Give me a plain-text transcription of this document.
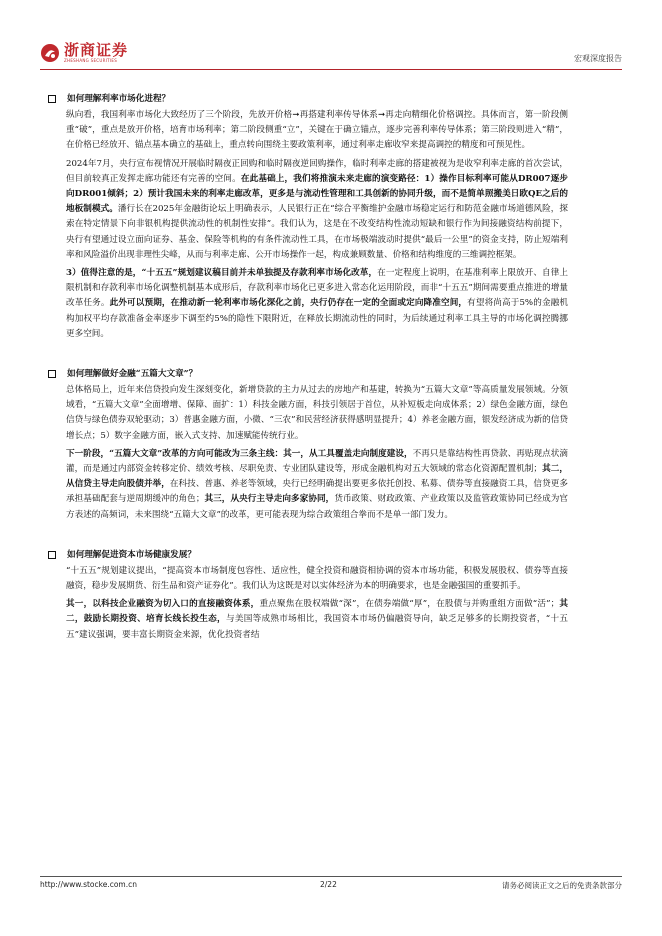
浙商证券
ZHESHANG SECURITIES	宏观深度报告
如何理解利率市场化进程？

纵向看，我国利率市场化大致经历了三个阶段，先放开价格➞再搭建利率传导体系➞再走向精细化价格调控。具体而言，第一阶段侧重“破”，重点是放开价格，培育市场利率；第二阶段侧重“立”，关键在于确立锚点，逐步完善利率传导体系；第三阶段则进入“精”，在价格已经放开、锚点基本确立的基础上，重点转向围绕主要政策利率，通过利率走廊收窄来提高调控的精度和可预见性。

2024年7月，央行宣布视情况开展临时隔夜正回购和临时隔夜逆回购操作，临时利率走廊的搭建被视为是收窄利率走廊的首次尝试，但目前较真正发挥走廊功能还有完善的空间。在此基础上，我们将推演未来走廊的演变路径：1）操作目标利率可能从DR007逐步向DR001倾斜；2）预计我国未来的利率走廊改革，更多是与流动性管理和工具创新的协同升级，而不是简单照搬美日欧QE之后的地板制模式。潘行长在2025年金融街论坛上明确表示，人民银行正在“综合平衡维护金融市场稳定运行和防范金融市场道德风险，探索在特定情景下向非银机构提供流动性的机制性安排”。我们认为，这是在不改变结构性流动短缺和银行作为间接融资结构前提下，央行有望通过设立面向证券、基金、保险等机构的有条件流动性工具，在市场极端波动时提供“最后一公里”的资金支持，防止短端利率和风险溢价出现非理性尖峰，从而与利率走廊、公开市场操作一起，构成兼顾数量、价格和结构维度的三维调控框架。

3）值得注意的是，“十五五”规划建议稿目前并未单独提及存款利率市场化改革，在一定程度上说明，在基准利率上限放开、自律上限机制和存款利率市场化调整机制基本成形后，存款利率市场化已更多进入常态化运用阶段，而非“十五五”期间需要重点推进的增量改革任务。此外可以预期，在推动新一轮利率市场化深化之前，央行仍存在一定的全面或定向降准空间，有望将尚高于5%的金融机构加权平均存款准备金率逐步下调至约5%的隐性下限附近，在释放长期流动性的同时，为后续通过利率工具主导的市场化调控腾挪更多空间。

如何理解做好金融“五篇大文章”？

总体格局上，近年来信贷投向发生深刻变化，新增贷款的主力从过去的房地产和基建，转换为“五篇大文章”等高质量发展领域。分领域看，“五篇大文章”全面增增、保障、面扩：1）科技金融方面，科技引领居于首位，从补短板走向成体系；2）绿色金融方面，绿色信贷与绿色债券双轮驱动；3）普惠金融方面，小微、“三农”和民营经济获得感明显提升；4）养老金融方面，银发经济成为新的信贷增长点；5）数字金融方面，嵌入式支持、加速赋能传统行业。

下一阶段，“五篇大文章”改革的方向可能改为三条主线：其一，从工具覆盖走向制度建设，不再只是靠结构性再贷款、再贴现点状滴灌，而是通过内部资金转移定价、绩效考核、尽职免责、专业团队建设等，形成金融机构对五大领域的常态化资源配置机制；其二，从信贷主导走向股债并举，在科技、普惠、养老等领域，央行已经明确提出要更多依托创投、私募、债券等直接融资工具，信贷更多承担基础配套与逆周期缓冲的角色；其三，从央行主导走向多家协同，货币政策、财政政策、产业政策以及监管政策协同已经成为官方表述的高频词，未来围绕“五篇大文章”的改革，更可能表现为综合政策组合拳而不是单一部门发力。

如何理解促进资本市场健康发展？

“十五五”规划建议提出，“提高资本市场制度包容性、适应性，健全投资和融资相协调的资本市场功能，积极发展股权、债券等直接融资，稳步发展期货、衍生品和资产证券化”。我们认为这既是对以实体经济为本的明确要求，也是金融强国的重要抓手。

其一，以科技企业融资为切入口的直接融资体系，重点聚焦在股权端做“深”，在债券端做“厚”，在股债与并购重组方面做“活”；其二，鼓励长期投资、培育长线长投生态，与美国等成熟市场相比，我国资本市场仍偏融资导向，缺乏足够多的长期投资者，“十五五”建议强调，要丰富长期资金来源，优化投资者结

http://www.stocke.com.cn	2/22	请务必阅读正文之后的免责条款部分
